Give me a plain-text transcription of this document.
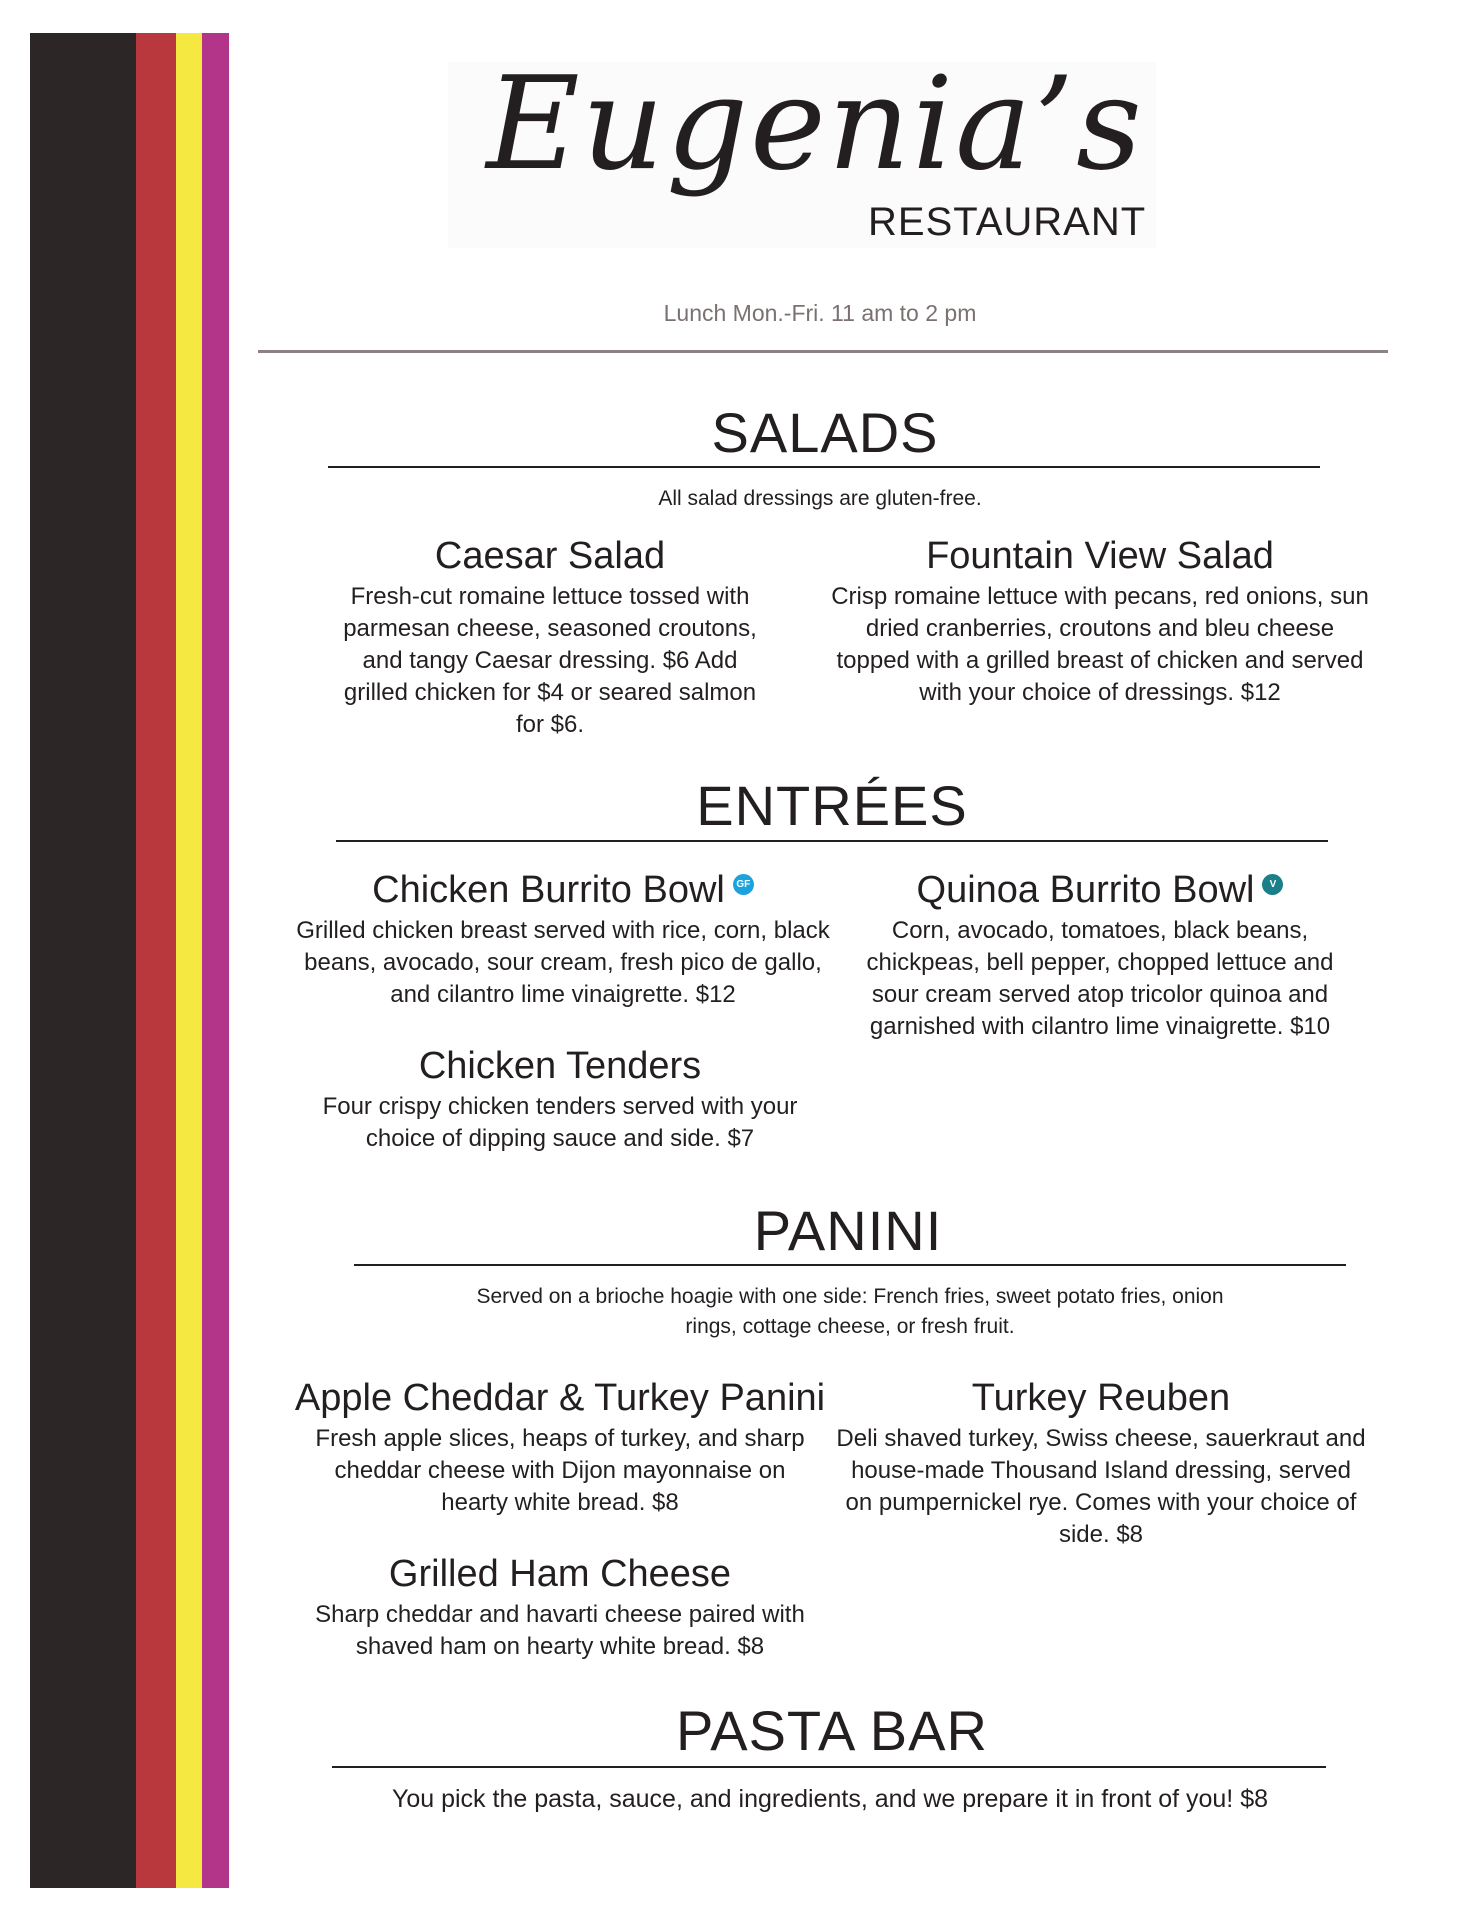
Eugenia’s
RESTAURANT
Lunch Mon.-Fri. 11 am to 2 pm
SALADS
All salad dressings are gluten-free.
Caesar Salad
Fresh-cut romaine lettuce tossed with parmesan cheese, seasoned croutons, and tangy Caesar dressing. $6 Add grilled chicken for $4 or seared salmon for $6.
Fountain View Salad
Crisp romaine lettuce with pecans, red onions, sun dried cranberries, croutons and bleu cheese topped with a grilled breast of chicken and served with your choice of dressings. $12
ENTRÉES
Chicken Burrito Bowl GF
Grilled chicken breast served with rice, corn, black beans, avocado, sour cream, fresh pico de gallo, and cilantro lime vinaigrette. $12
Quinoa Burrito Bowl V
Corn, avocado, tomatoes, black beans, chickpeas, bell pepper, chopped lettuce and sour cream served atop tricolor quinoa and garnished with cilantro lime vinaigrette. $10
Chicken Tenders
Four crispy chicken tenders served with your choice of dipping sauce and side. $7
PANINI
Served on a brioche hoagie with one side: French fries, sweet potato fries, onion rings, cottage cheese, or fresh fruit.
Apple Cheddar & Turkey Panini
Fresh apple slices, heaps of turkey, and sharp cheddar cheese with Dijon mayonnaise on hearty white bread. $8
Turkey Reuben
Deli shaved turkey, Swiss cheese, sauerkraut and house-made Thousand Island dressing, served on pumpernickel rye. Comes with your choice of side. $8
Grilled Ham Cheese
Sharp cheddar and havarti cheese paired with shaved ham on hearty white bread. $8
PASTA BAR
You pick the pasta, sauce, and ingredients, and we prepare it in front of you! $8
